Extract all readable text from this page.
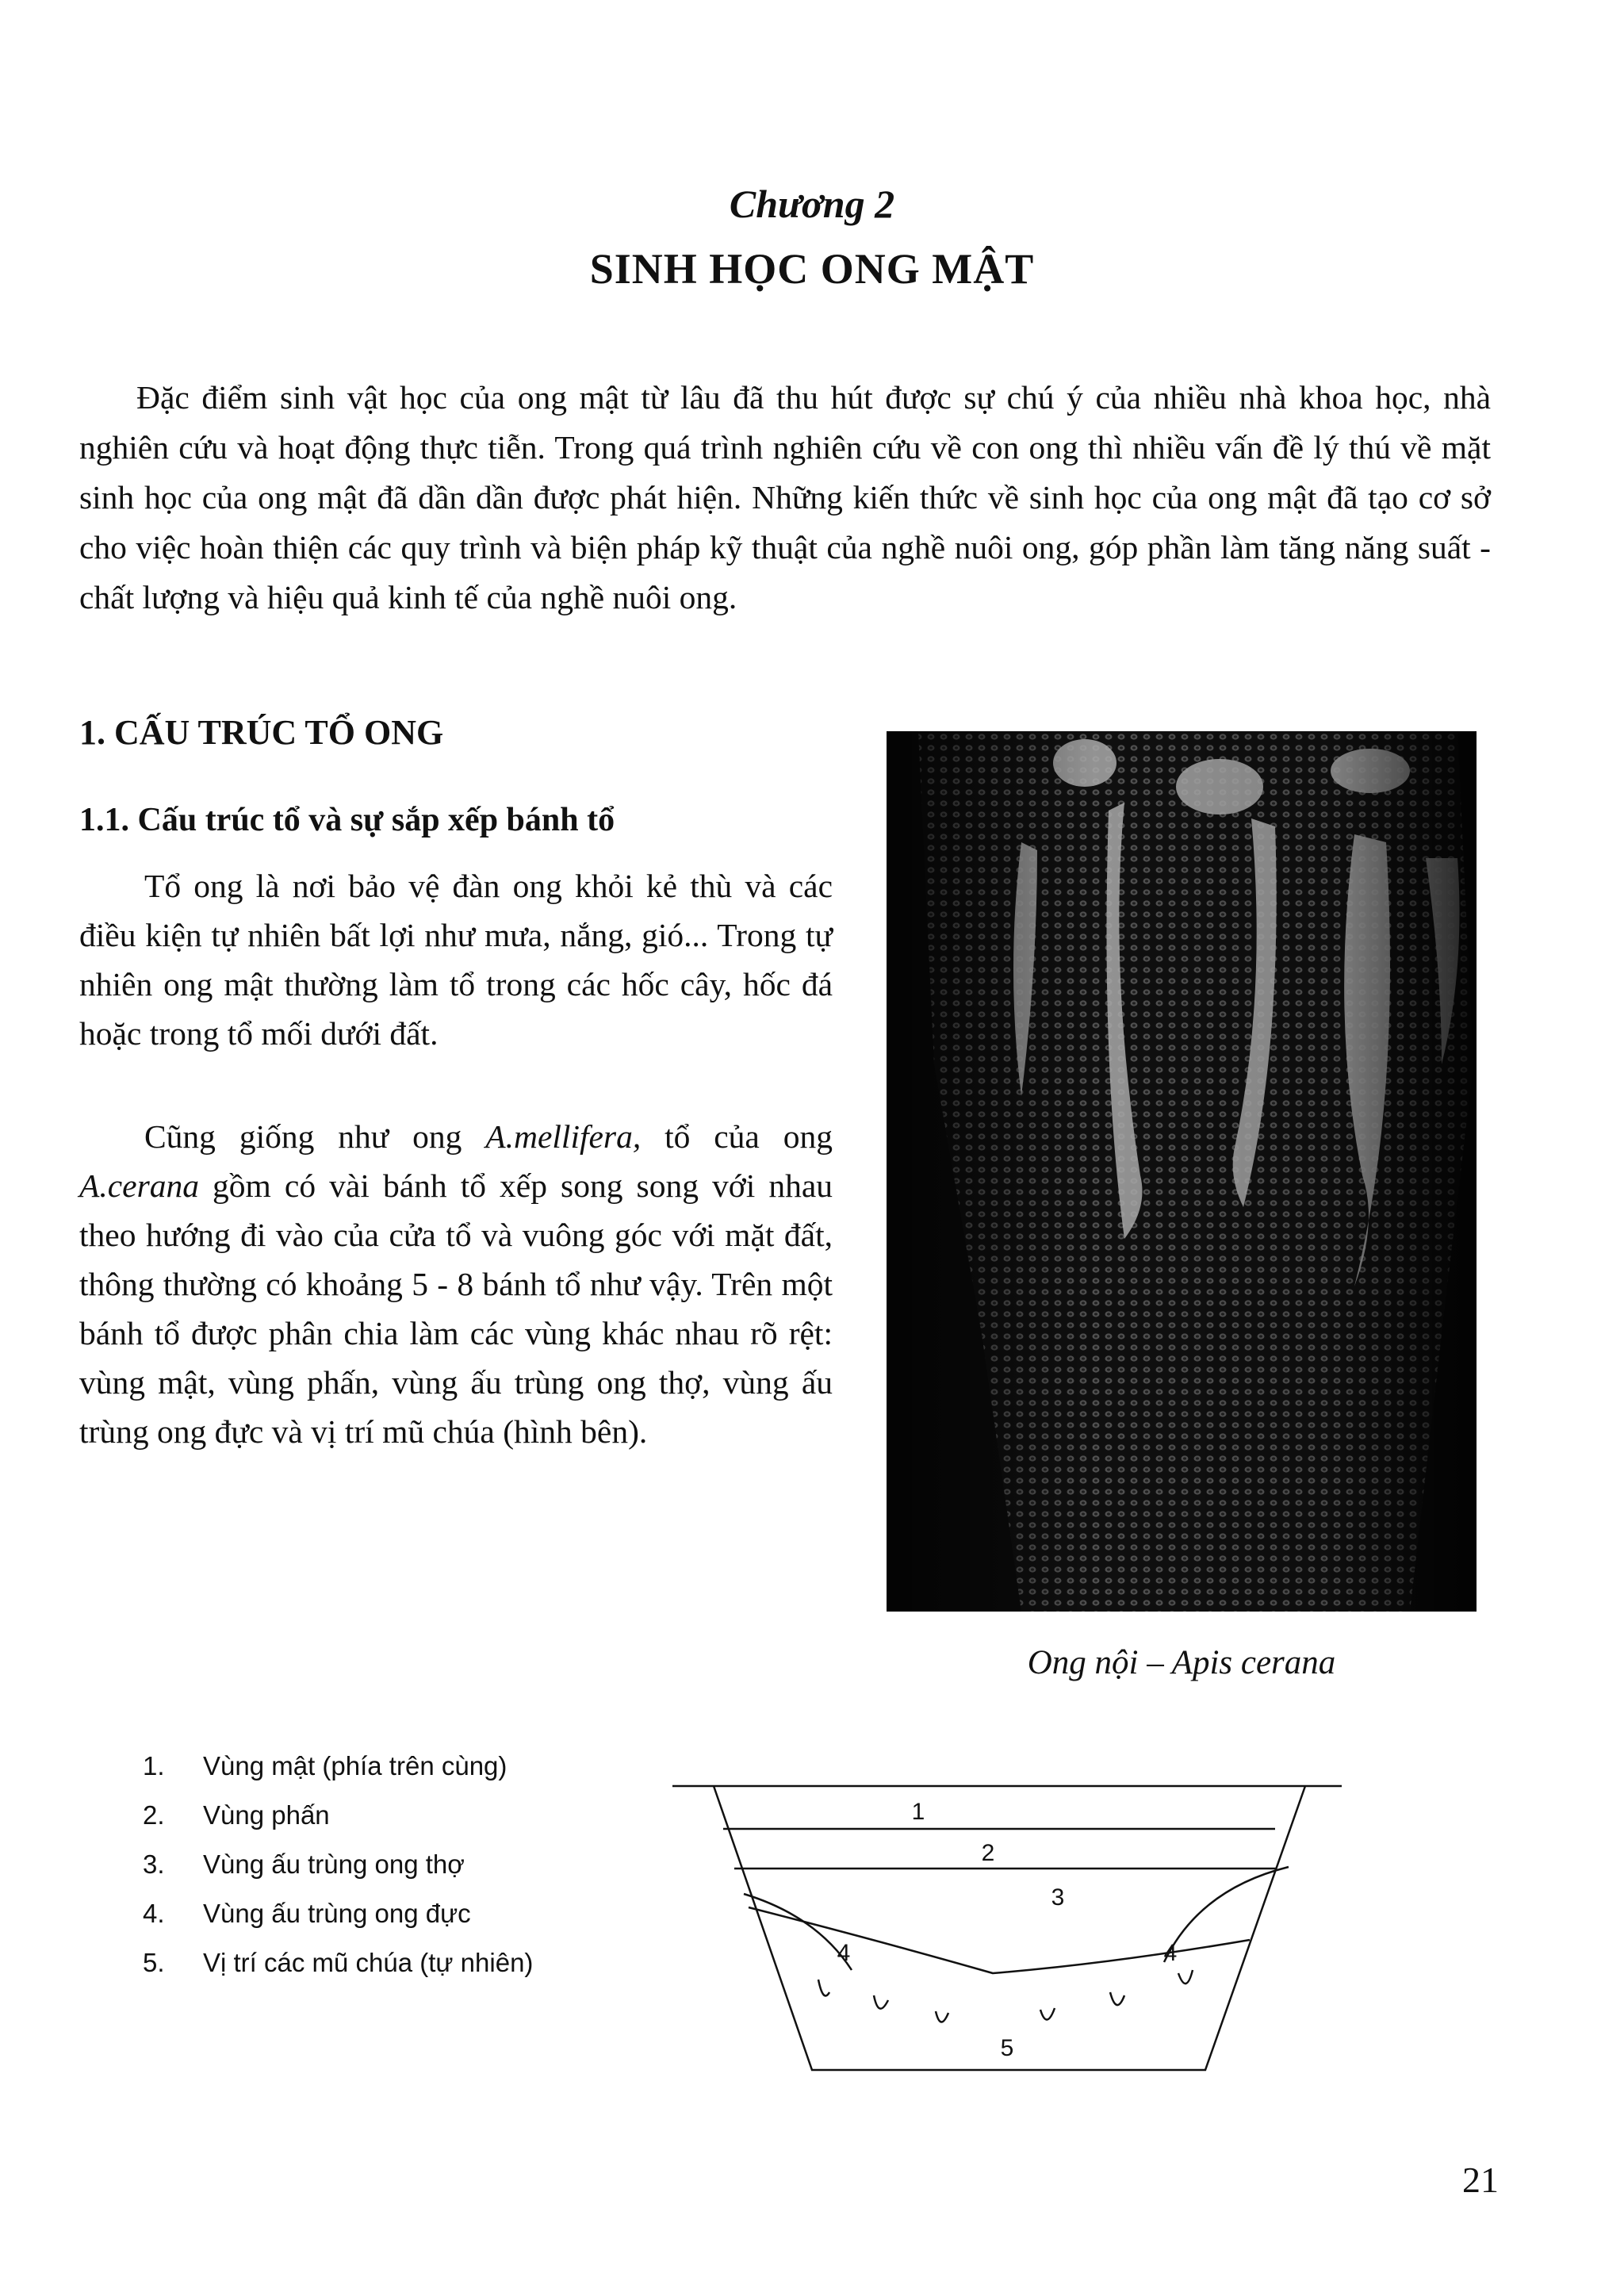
Chương 2
SINH HỌC ONG MẬT

Đặc điểm sinh vật học của ong mật từ lâu đã thu hút được sự chú ý của nhiều nhà khoa học, nhà nghiên cứu và hoạt động thực tiễn. Trong quá trình nghiên cứu về con ong thì nhiều vấn đề lý thú về mặt sinh học của ong mật đã dần dần được phát hiện. Những kiến thức về sinh học của ong mật đã tạo cơ sở cho việc hoàn thiện các quy trình và biện pháp kỹ thuật của nghề nuôi ong, góp phần làm tăng năng suất - chất lượng và hiệu quả kinh tế của nghề nuôi ong.

1. CẤU TRÚC TỔ ONG
1.1. Cấu trúc tổ và sự sắp xếp bánh tổ

Tổ ong là nơi bảo vệ đàn ong khỏi kẻ thù và các điều kiện tự nhiên bất lợi như mưa, nắng, gió... Trong tự nhiên ong mật thường làm tổ trong các hốc cây, hốc đá hoặc trong tổ mối dưới đất.

Cũng giống như ong A.mellifera, tổ của ong A.cerana gồm có vài bánh tổ xếp song song với nhau theo hướng đi vào của cửa tổ và vuông góc với mặt đất, thông thường có khoảng 5 - 8 bánh tổ như vậy. Trên một bánh tổ được phân chia làm các vùng khác nhau rõ rệt: vùng mật, vùng phấn, vùng ấu trùng ong thợ, vùng ấu trùng ong đực và vị trí mũ chúa (hình bên).

Ong nội – Apis cerana
1.	Vùng mật (phía trên cùng)
2.	Vùng phấn
3.	Vùng ấu trùng ong thợ
4.	Vùng ấu trùng ong đực
5.	Vị trí các mũ chúa (tự nhiên)
1
2
3
4	4
5
21
